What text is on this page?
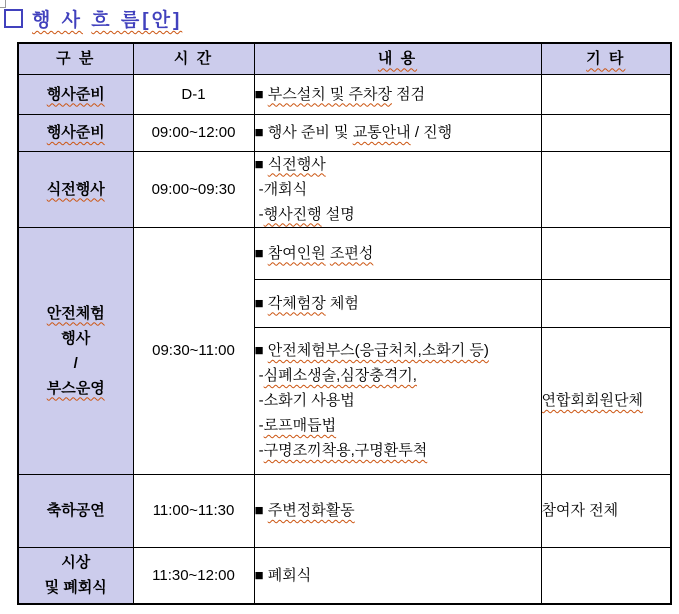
행 사 흐 름[안]
구 분	시 간	내 용	기 타

행사준비	D-1	■ 부스설치 및 주차장 점검	

행사준비	09:00~12:00	■ 행사 준비 및 교통안내 / 진행	

식전행사	09:00~09:30	■ 식전행사
-개회식
-행사진행 설명	

안전체험
행사
/
부스운영	09:30~11:00	■ 참여인원 조편성	

		■ 각체험장 체험	

		■ 안전체험부스(응급처치,소화기 등)
-심폐소생술,심장충격기,
-소화기 사용법
-로프매듭법
-구명조끼착용,구명환투척	연합회회원단체

축하공연	11:00~11:30	■ 주변정화활동	참여자 전체

시상
및 폐회식	11:30~12:00	■ 폐회식	
